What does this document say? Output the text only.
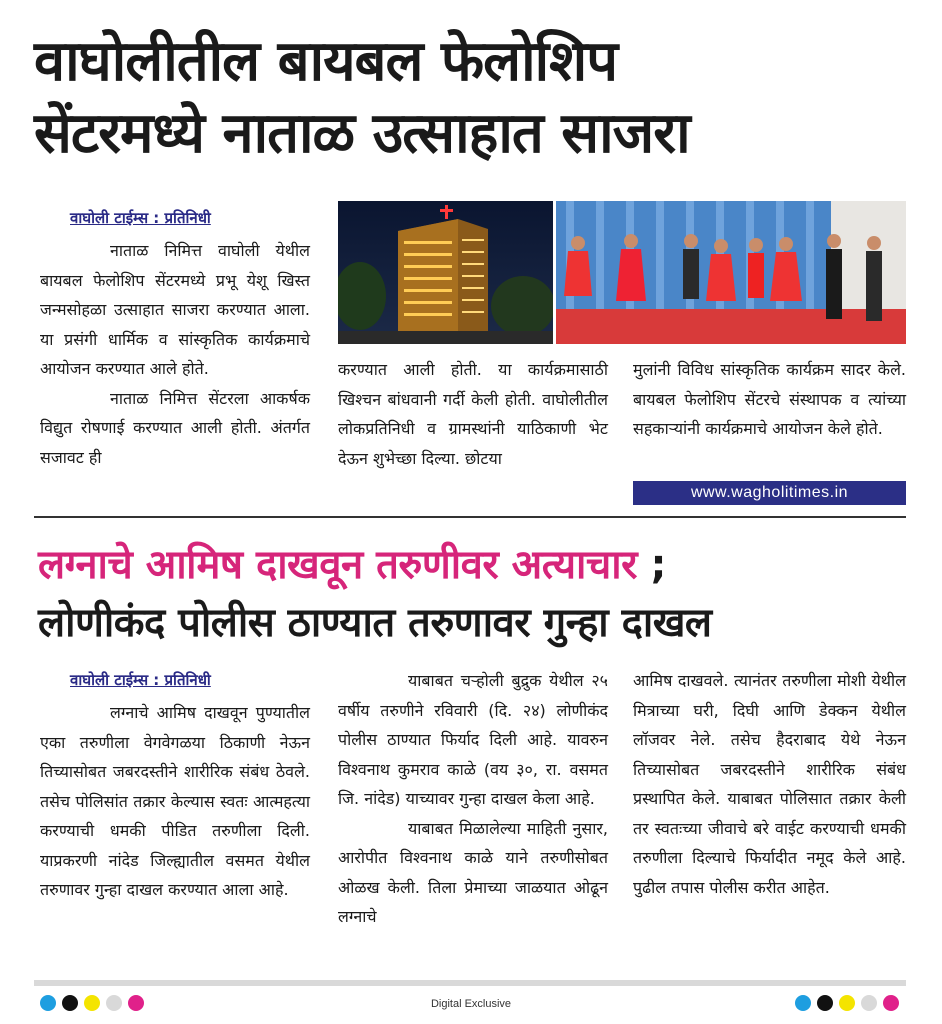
वाघोलीतील बायबल फेलोशिप
सेंटरमध्ये नाताळ उत्साहात साजरा
वाघोली टाईम्स : प्रतिनिधी

नाताळ निमित्त वाघोली येथील बायबल फेलोशिप सेंटरमध्ये प्रभू येशू खिस्त जन्मसोहळा उत्साहात साजरा करण्यात आला. या प्रसंगी धार्मिक व सांस्कृतिक कार्यक्रमाचे आयोजन करण्यात आले होते.

नाताळ निमित्त सेंटरला आकर्षक विद्युत रोषणाई करण्यात आली होती. अंतर्गत सजावट ही

करण्यात आली होती. या कार्यक्रमासाठी खिश्चन बांधवानी गर्दी केली होती. वाघोलीतील लोकप्रतिनिधी व ग्रामस्थांनी याठिकाणी भेट देऊन शुभेच्छा दिल्या. छोटया

मुलांनी विविध सांस्कृतिक कार्यक्रम सादर केले. बायबल फेलोशिप सेंटरचे संस्थापक व त्यांच्या सहकाऱ्यांनी कार्यक्रमाचे आयोजन केले होते.

www.wagholitimes.in
लग्नाचे आमिष दाखवून तरुणीवर अत्याचार ;
लोणीकंद पोलीस ठाण्यात तरुणावर गुन्हा दाखल
वाघोली टाईम्स : प्रतिनिधी

लग्नाचे आमिष दाखवून पुण्यातील एका तरुणीला वेगवेगळया ठिकाणी नेऊन तिच्यासोबत जबरदस्तीने शारीरिक संबंध ठेवले. तसेच पोलिसांत तक्रार केल्यास स्वतः आत्महत्या करण्याची धमकी पीडित तरुणीला दिली. याप्रकरणी नांदेड जिल्ह्यातील वसमत येथील तरुणावर गुन्हा दाखल करण्यात आला आहे.

याबाबत चऱ्होली बुद्रुक येथील २५ वर्षीय तरुणीने रविवारी (दि. २४) लोणीकंद पोलीस ठाण्यात फिर्याद दिली आहे. यावरुन विश्वनाथ कुमराव काळे (वय ३०, रा. वसमत जि. नांदेड) याच्यावर गुन्हा दाखल केला आहे.

याबाबत मिळालेल्या माहिती नुसार, आरोपीत विश्वनाथ काळे याने तरुणीसोबत ओळख केली. तिला प्रेमाच्या जाळयात ओढून लग्नाचे

आमिष दाखवले. त्यानंतर तरुणीला मोशी येथील मित्राच्या घरी, दिघी आणि डेक्कन येथील लॉजवर नेले. तसेच हैदराबाद येथे नेऊन तिच्यासोबत जबरदस्तीने शारीरिक संबंध प्रस्थापित केले. याबाबत पोलिसात तक्रार केली तर स्वतःच्या जीवाचे बरे वाईट करण्याची धमकी तरुणीला दिल्याचे फिर्यादीत नमूद केले आहे. पुढील तपास पोलीस करीत आहेत.

Digital Exclusive
